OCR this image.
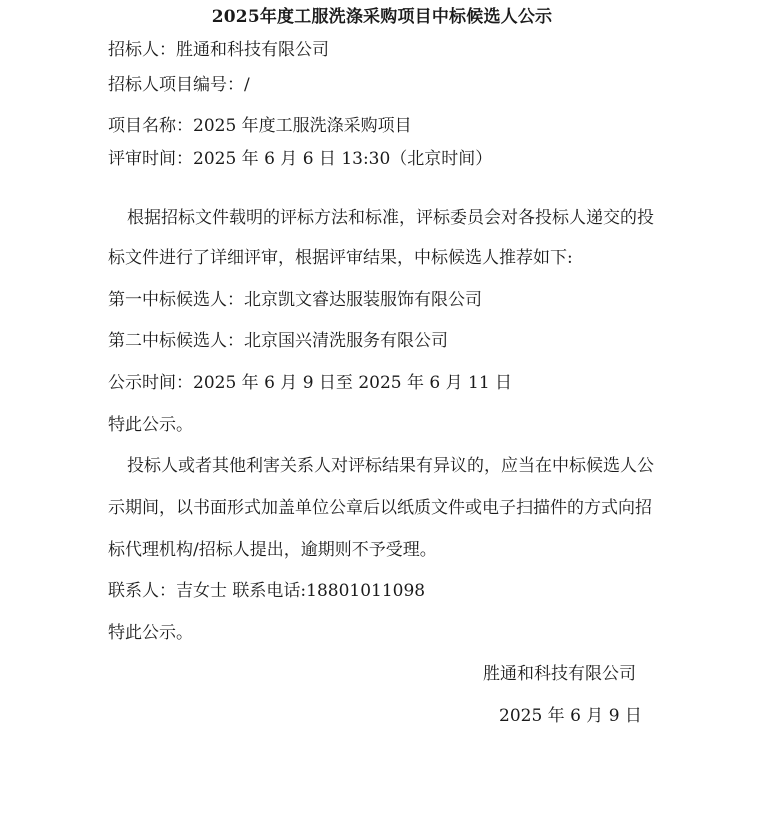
2025年度工服洗涤采购项目中标候选人公示
招标人：胜通和科技有限公司
招标人项目编号：/
项目名称：2025 年度工服洗涤采购项目
评审时间：2025 年 6 月 6 日 13:30（北京时间）
根据招标文件载明的评标方法和标准，评标委员会对各投标人递交的投
标文件进行了详细评审，根据评审结果，中标候选人推荐如下:
第一中标候选人：北京凯文睿达服装服饰有限公司
第二中标候选人：北京国兴清洗服务有限公司
公示时间：2025 年 6 月 9 日至 2025 年 6 月 11 日
特此公示。
投标人或者其他利害关系人对评标结果有异议的，应当在中标候选人公
示期间，以书面形式加盖单位公章后以纸质文件或电子扫描件的方式向招
标代理机构/招标人提出，逾期则不予受理。
联系人：吉女士 联系电话:18801011098
特此公示。
胜通和科技有限公司
2025 年 6 月 9 日
